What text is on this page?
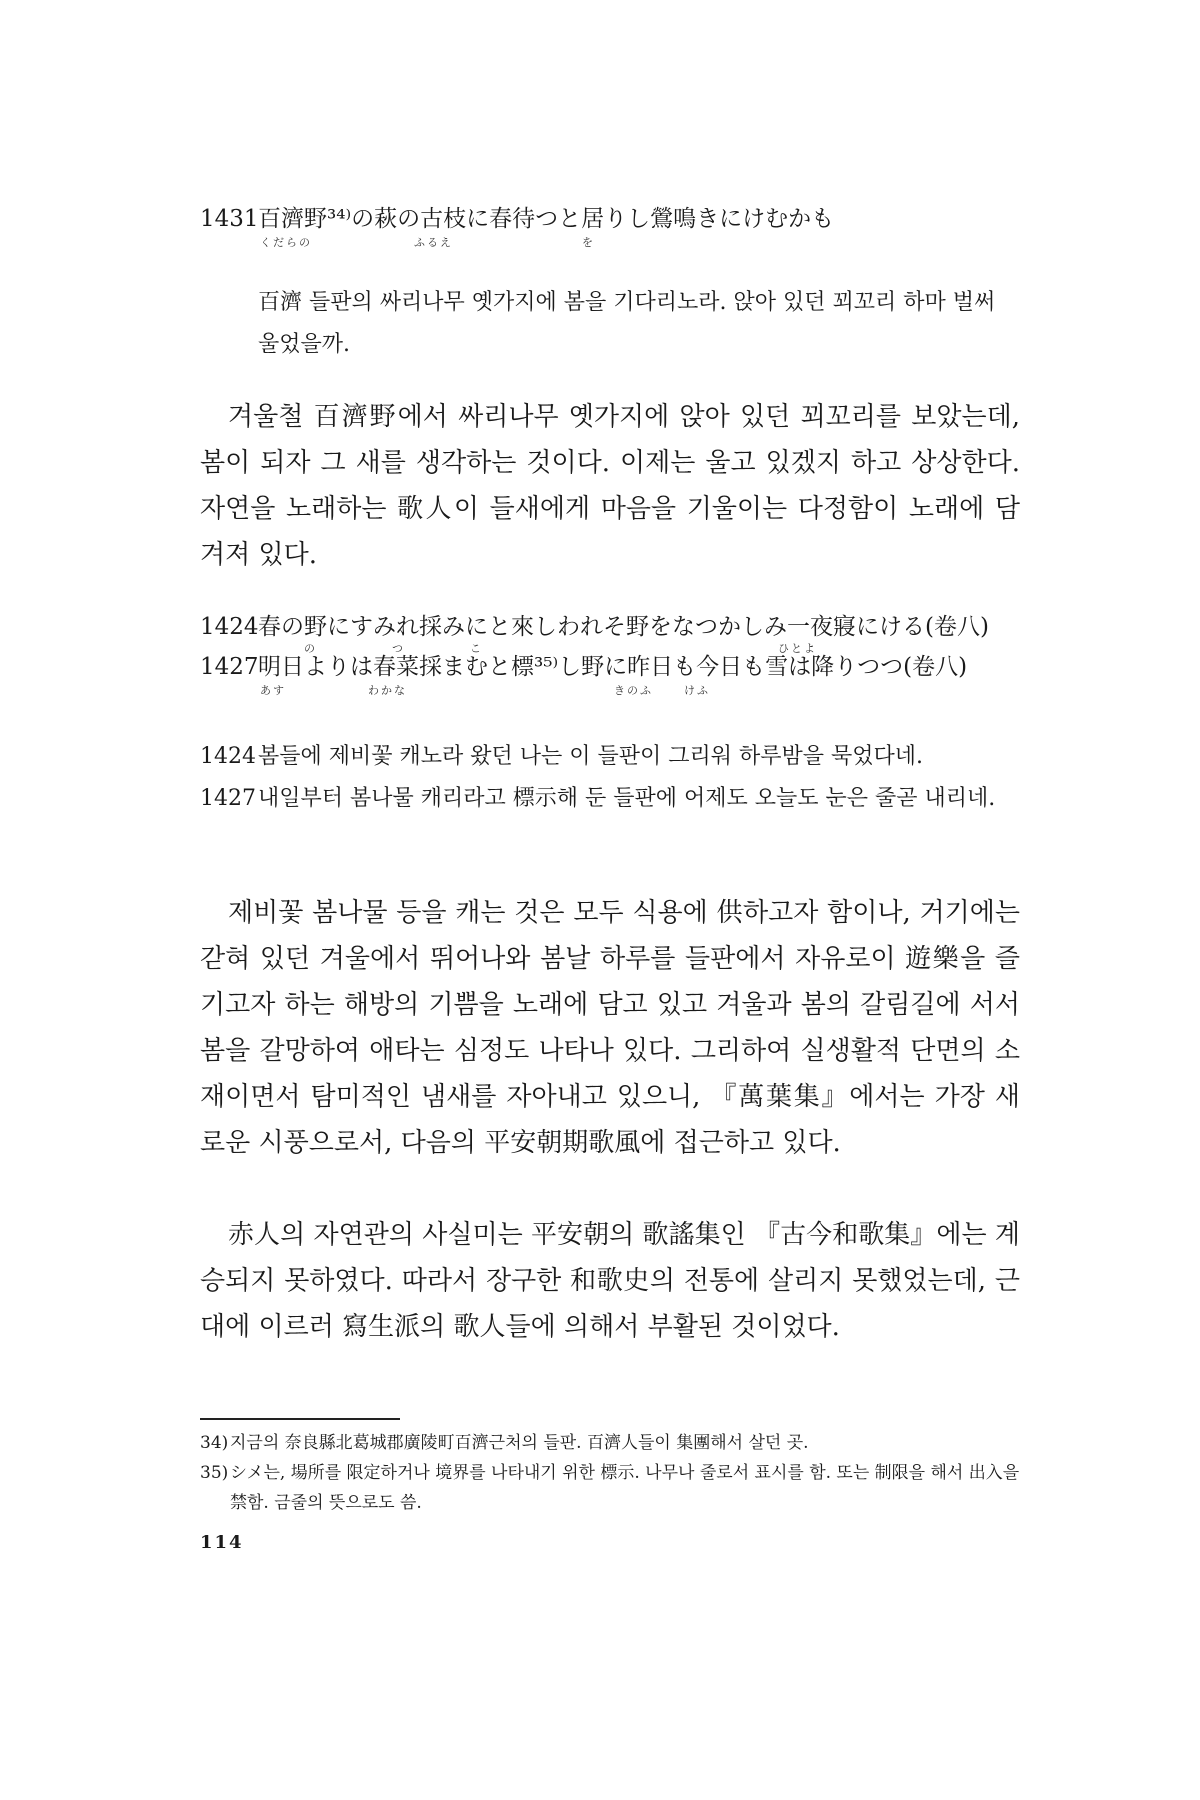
1431百濟野³⁴⁾の萩の古枝に春待つと居りし鶯鳴きにけむかも
くだらの	ふるえ	を
百濟 들판의 싸리나무 옛가지에 봄을 기다리노라. 앉아 있던 꾀꼬리 하마 벌써 울었을까.
겨울철 百濟野에서 싸리나무 옛가지에 앉아 있던 꾀꼬리를 보았는데, 봄이 되자 그 새를 생각하는 것이다. 이제는 울고 있겠지 하고 상상한다. 자연을 노래하는 歌人이 들새에게 마음을 기울이는 다정함이 노래에 담겨져 있다.
1424春の野にすみれ採みにと來しわれそ野をなつかしみ一夜寢にける(卷八)
の	つ	こ	ひとよ
1427明日よりは春菜採まむと標³⁵⁾し野に昨日も今日も雪は降りつつ(卷八)
あす	わかな	きのふ	けふ
1424 봄들에 제비꽃 캐노라 왔던 나는 이 들판이 그리워 하루밤을 묵었다네.
1427 내일부터 봄나물 캐리라고 標示해 둔 들판에 어제도 오늘도 눈은 줄곧 내리네.
제비꽃 봄나물 등을 캐는 것은 모두 식용에 供하고자 함이나, 거기에는 갇혀 있던 겨울에서 뛰어나와 봄날 하루를 들판에서 자유로이 遊樂을 즐기고자 하는 해방의 기쁨을 노래에 담고 있고 겨울과 봄의 갈림길에 서서 봄을 갈망하여 애타는 심정도 나타나 있다. 그리하여 실생활적 단면의 소재이면서 탐미적인 냄새를 자아내고 있으니, 『萬葉集』에서는 가장 새로운 시풍으로서, 다음의 平安朝期歌風에 접근하고 있다.
赤人의 자연관의 사실미는 平安朝의 歌謠集인 『古今和歌集』에는 계승되지 못하였다. 따라서 장구한 和歌史의 전통에 살리지 못했었는데, 근대에 이르러 寫生派의 歌人들에 의해서 부활된 것이었다.
34) 지금의 奈良縣北葛城郡廣陵町百濟근처의 들판. 百濟人들이 集團해서 살던 곳.
35) シメ는, 場所를 限定하거나 境界를 나타내기 위한 標示. 나무나 줄로서 표시를 함. 또는 制限을 해서 出入을 禁함. 금줄의 뜻으로도 씀.
114
